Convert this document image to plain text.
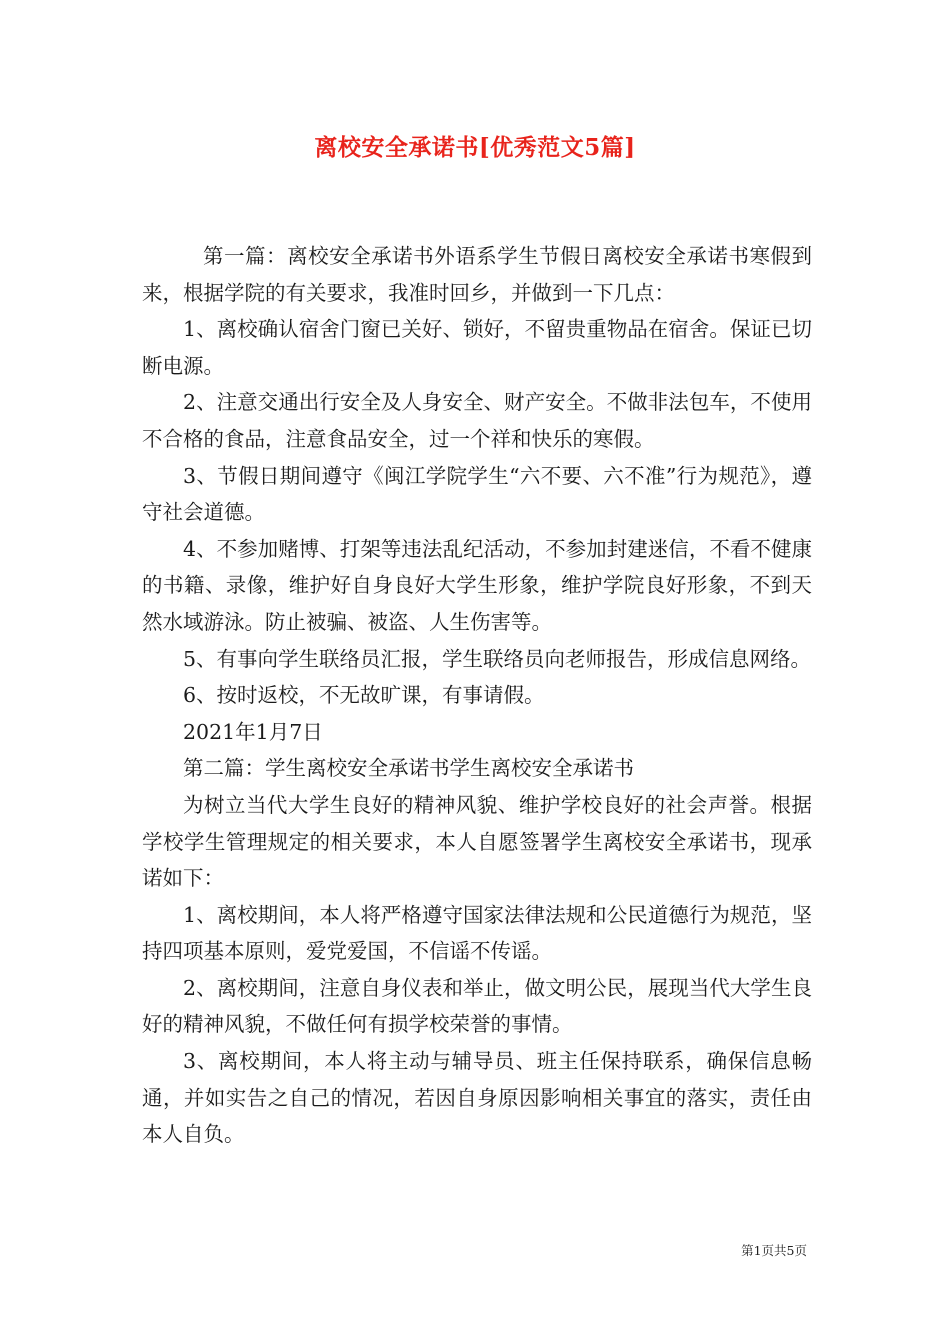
离校安全承诺书[优秀范文5篇]

第一篇：离校安全承诺书外语系学生节假日离校安全承诺书寒假到来，根据学院的有关要求，我准时回乡，并做到一下几点：

1、离校确认宿舍门窗已关好、锁好，不留贵重物品在宿舍。保证已切断电源。

2、注意交通出行安全及人身安全、财产安全。不做非法包车，不使用不合格的食品，注意食品安全，过一个祥和快乐的寒假。

3、节假日期间遵守《闽江学院学生“六不要、六不准”行为规范》，遵守社会道德。

4、不参加赌博、打架等违法乱纪活动，不参加封建迷信，不看不健康的书籍、录像，维护好自身良好大学生形象，维护学院良好形象，不到天然水域游泳。防止被骗、被盗、人生伤害等。

5、有事向学生联络员汇报，学生联络员向老师报告，形成信息网络。

6、按时返校，不无故旷课，有事请假。

2021年1月7日

第二篇：学生离校安全承诺书学生离校安全承诺书

为树立当代大学生良好的精神风貌、维护学校良好的社会声誉。根据学校学生管理规定的相关要求，本人自愿签署学生离校安全承诺书，现承诺如下：

1、离校期间，本人将严格遵守国家法律法规和公民道德行为规范，坚持四项基本原则，爱党爱国，不信谣不传谣。

2、离校期间，注意自身仪表和举止，做文明公民，展现当代大学生良好的精神风貌，不做任何有损学校荣誉的事情。

3、离校期间，本人将主动与辅导员、班主任保持联系，确保信息畅通，并如实告之自己的情况，若因自身原因影响相关事宜的落实，责任由本人自负。

第1页共5页
